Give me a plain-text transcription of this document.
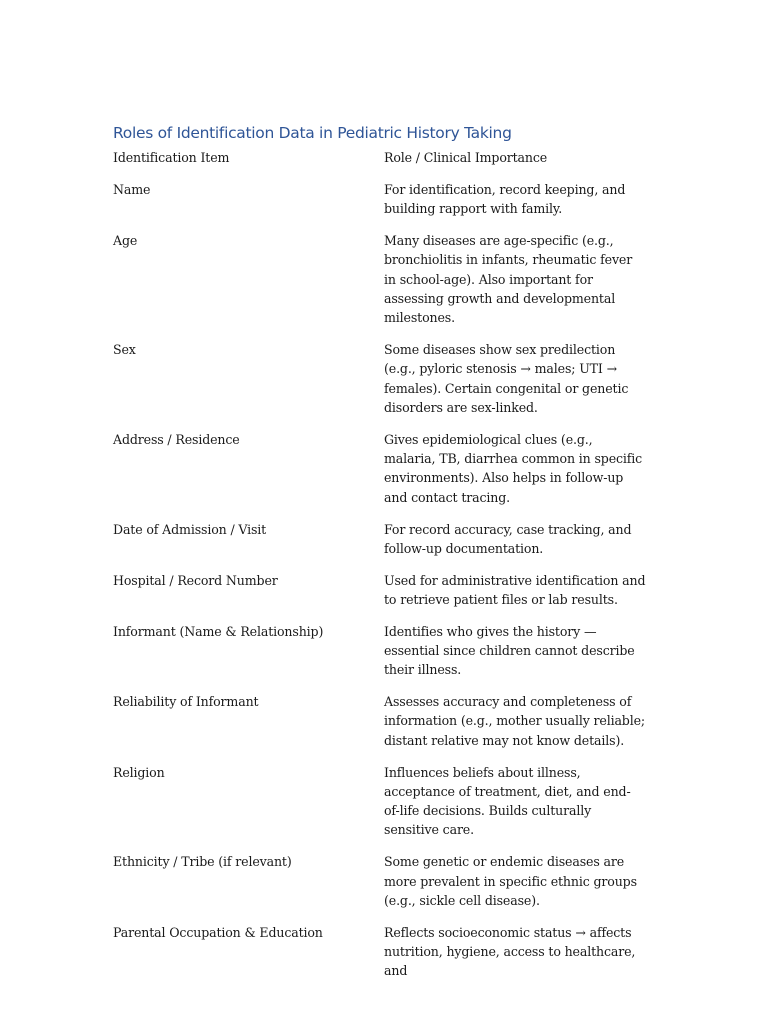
Roles of Identification Data in Pediatric History Taking
Identification Item	Role / Clinical Importance
Name	For identification, record keeping, and building rapport with family.
Age	Many diseases are age-specific (e.g., bronchiolitis in infants, rheumatic fever in school-age). Also important for assessing growth and developmental milestones.
Sex	Some diseases show sex predilection (e.g., pyloric stenosis → males; UTI → females). Certain congenital or genetic disorders are sex-linked.
Address / Residence	Gives epidemiological clues (e.g., malaria, TB, diarrhea common in specific environments). Also helps in follow-up and contact tracing.
Date of Admission / Visit	For record accuracy, case tracking, and follow-up documentation.
Hospital / Record Number	Used for administrative identification and to retrieve patient files or lab results.
Informant (Name & Relationship)	Identifies who gives the history — essential since children cannot describe their illness.
Reliability of Informant	Assesses accuracy and completeness of information (e.g., mother usually reliable; distant relative may not know details).
Religion	Influences beliefs about illness, acceptance of treatment, diet, and end-of-life decisions. Builds culturally sensitive care.
Ethnicity / Tribe (if relevant)	Some genetic or endemic diseases are more prevalent in specific ethnic groups (e.g., sickle cell disease).
Parental Occupation & Education	Reflects socioeconomic status → affects nutrition, hygiene, access to healthcare, and
